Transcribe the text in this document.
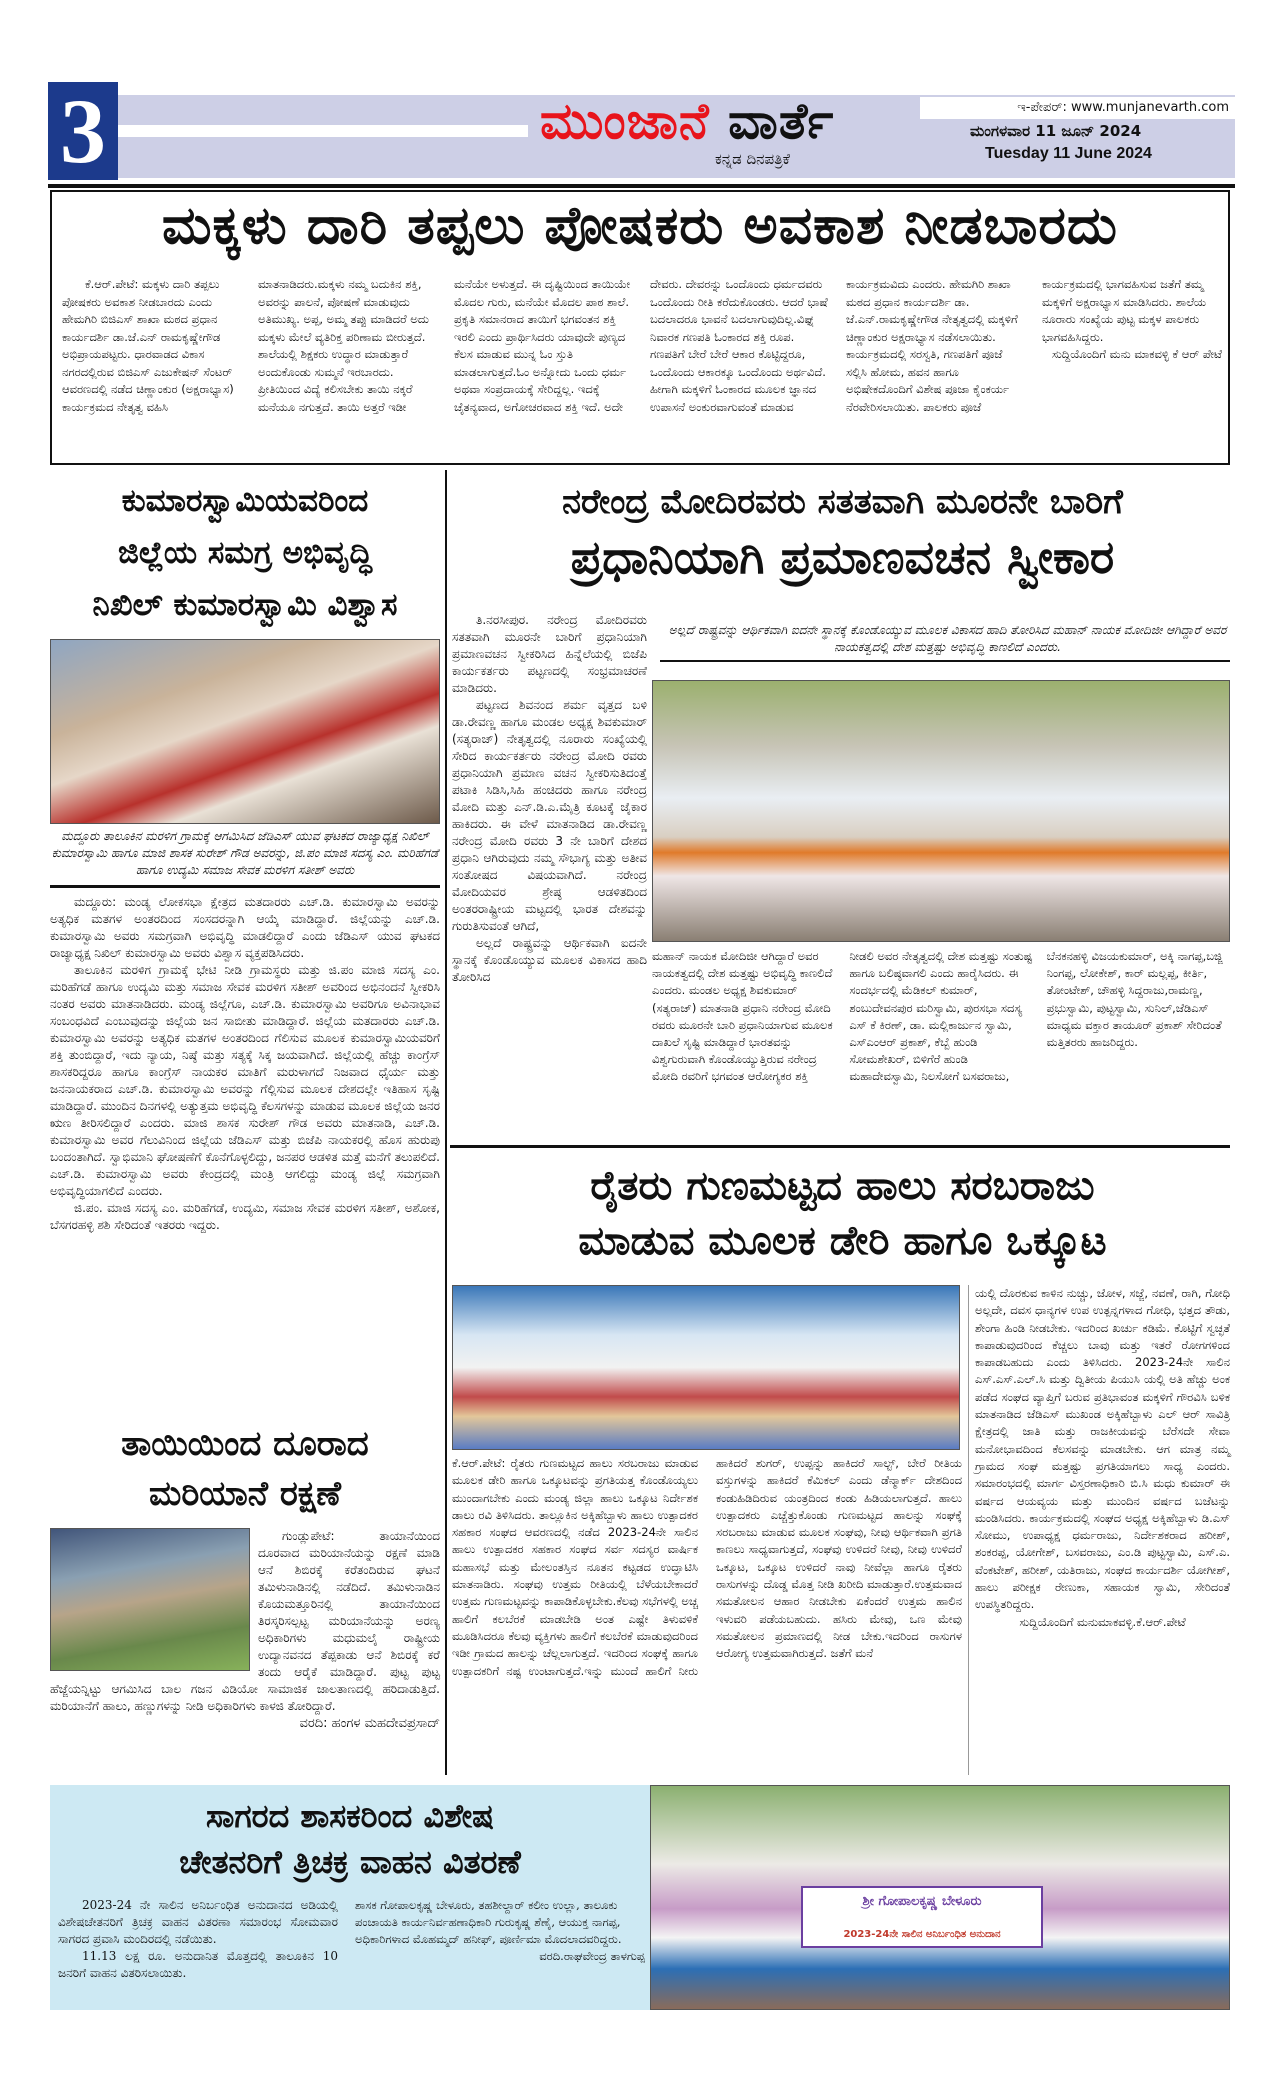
3	ಮುಂಜಾನೆ ವಾರ್ತೆ
ಕನ್ನಡ ದಿನಪತ್ರಿಕೆ
ಇ-ಪೇಪರ್: www.munjanevarth.com
ಮಂಗಳವಾರ 11 ಜೂನ್ 2024
Tuesday 11 June 2024
ಮಕ್ಕಳು ದಾರಿ ತಪ್ಪಲು ಪೋಷಕರು ಅವಕಾಶ ನೀಡಬಾರದು
ಕೆ.ಆರ್.ಪೇಟೆ: ಮಕ್ಕಳು ದಾರಿ ತಪ್ಪಲು ಪೋಷಕರು ಅವಕಾಶ ನೀಡಬಾರದು ಎಂದು ಹೇಮಗಿರಿ ಬಿಜಿಎಸ್ ಶಾಖಾ ಮಠದ ಪ್ರಧಾನ ಕಾರ್ಯದರ್ಶಿ ಡಾ.ಜೆ.ಎನ್ ರಾಮಕೃಷ್ಣೇಗೌಡ ಅಭಿಪ್ರಾಯಪಟ್ಟರು. ಧಾರವಾಡದ ವಿಕಾಸ ನಗರದಲ್ಲಿರುವ ಬಿಜಿಎಸ್ ಎಜುಕೇಷನ್ ಸೆಂಟರ್ ಆವರಣದಲ್ಲಿ ನಡೆದ ಚಿಣ್ಣಾಂಕುರ (ಅಕ್ಷರಾಭ್ಯಾಸ) ಕಾರ್ಯಕ್ರಮದ ನೇತೃತ್ವ ವಹಿಸಿ ಮಾತನಾಡಿದರು.ಮಕ್ಕಳು ನಮ್ಮ ಬದುಕಿನ ಶಕ್ತಿ, ಅವರನ್ನು ಪಾಲನೆ, ಪೋಷಣೆ ಮಾಡುವುದು ಅತಿಮುಖ್ಯ. ಅಪ್ಪ, ಅಮ್ಮ ತಪ್ಪು ಮಾಡಿದರೆ ಅದು ಮಕ್ಕಳು ಮೇಲೆ ವ್ಯತಿರಿಕ್ತ ಪರಿಣಾಮ ಬೀರುತ್ತದೆ. ಶಾಲೆಯಲ್ಲಿ ಶಿಕ್ಷಕರು ಉದ್ಧಾರ ಮಾಡುತ್ತಾರೆ ಅಂದುಕೊಂಡು ಸುಮ್ಮನೆ ಇರಬಾರದು. ಪ್ರೀತಿಯಿಂದ ವಿದ್ಯೆ ಕಲಿಸಬೇಕು ತಾಯಿ ನಕ್ಕರೆ ಮನೆಯೂ ನಗುತ್ತದೆ. ತಾಯಿ ಅತ್ತರೆ ಇಡೀ ಮನೆಯೇ ಅಳುತ್ತದೆ. ಈ ದೃಷ್ಟಿಯಿಂದ ತಾಯಿಯೇ ಮೊದಲ ಗುರು, ಮನೆಯೇ ಮೊದಲ ಪಾಠ ಶಾಲೆ. ಪ್ರಕೃತಿ ಸಮಾನರಾದ ತಾಯಿಗೆ ಭಗವಂತನ ಶಕ್ತಿ ಇರಲಿ ಎಂದು ಪ್ರಾರ್ಥಿಸಿದರು ಯಾವುದೇ ಪುಣ್ಯದ ಕೆಲಸ ಮಾಡುವ ಮುನ್ನ ಓಂ ಸ್ತುತಿ ಮಾಡಲಾಗುತ್ತದೆ.ಓಂ ಅನ್ನೋದು ಒಂದು ಧರ್ಮ ಅಥವಾ ಸಂಪ್ರದಾಯಕ್ಕೆ ಸೇರಿದ್ದಲ್ಲ. ಇದಕ್ಕೆ ಚೈತನ್ಯವಾದ, ಅಗೋಚರವಾದ ಶಕ್ತಿ ಇದೆ. ಅದೇ ದೇವರು. ದೇವರನ್ನು ಒಂದೊಂದು ಧರ್ಮದವರು ಒಂದೊಂದು ರೀತಿ ಕರೆದುಕೊಂಡರು. ಆದರೆ ಭಾಷೆ ಬದಲಾದರೂ ಭಾವನೆ ಬದಲಾಗುವುದಿಲ್ಲ.ವಿಘ್ನ ನಿವಾರಕ ಗಣಪತಿ ಓಂಕಾರದ ಶಕ್ತಿ ರೂಪ. ಗಣಪತಿಗೆ ಬೇರೆ ಬೇರೆ ಆಕಾರ ಕೊಟ್ಟಿದ್ದರೂ, ಒಂದೊಂದು ಆಕಾರಕ್ಕೂ ಒಂದೊಂದು ಅರ್ಥವಿದೆ. ಹೀಗಾಗಿ ಮಕ್ಕಳಿಗೆ ಓಂಕಾರದ ಮೂಲಕ ಜ್ಞಾನದ ಉಪಾಸನೆ ಅಂಕುರವಾಗುವಂತೆ ಮಾಡುವ ಕಾರ್ಯಕ್ರಮವಿದು ಎಂದರು. ಹೇಮಗಿರಿ ಶಾಖಾ ಮಠದ ಪ್ರಧಾನ ಕಾರ್ಯದರ್ಶಿ ಡಾ. ಜೆ.ಎನ್.ರಾಮಕೃಷ್ಣೇಗೌಡ ನೇತೃತ್ವದಲ್ಲಿ ಮಕ್ಕಳಿಗೆ ಚಿಣ್ಣಾಂಕುರ ಅಕ್ಷರಾಭ್ಯಾಸ ನಡೆಸಲಾಯಿತು. ಕಾರ್ಯಕ್ರಮದಲ್ಲಿ ಸರಸ್ವತಿ, ಗಣಪತಿಗೆ ಪೂಜೆ ಸಲ್ಲಿಸಿ ಹೋಮ, ಹವನ ಹಾಗೂ ಅಭಿಷೇಕದೊಂದಿಗೆ ವಿಶೇಷ ಪೂಜಾ ಕೈಂಕರ್ಯ ನೆರವೇರಿಸಲಾಯಿತು. ಪಾಲಕರು ಪೂಜೆ ಕಾರ್ಯಕ್ರಮದಲ್ಲಿ ಭಾಗವಹಿಸುವ ಜತೆಗೆ ತಮ್ಮ ಮಕ್ಕಳಿಗೆ ಅಕ್ಷರಾಭ್ಯಾಸ ಮಾಡಿಸಿದರು. ಶಾಲೆಯ ನೂರಾರು ಸಂಖ್ಯೆಯ ಪುಟ್ಟ ಮಕ್ಕಳ ಪಾಲಕರು ಭಾಗವಹಿಸಿದ್ದರು.
ಸುದ್ದಿಯೊಂದಿಗೆ ಮನು ಮಾಕವಳ್ಳಿ ಕೆ ಆರ್ ಪೇಟೆ
ಕುಮಾರಸ್ವಾಮಿಯವರಿಂದ
ಜಿಲ್ಲೆಯ ಸಮಗ್ರ ಅಭಿವೃದ್ಧಿ
ನಿಖಿಲ್ ಕುಮಾರಸ್ವಾಮಿ ವಿಶ್ವಾಸ
ಮದ್ದೂರು ತಾಲೂಕಿನ ಮರಳಿಗ ಗ್ರಾಮಕ್ಕೆ ಆಗಮಿಸಿದ ಜೆಡಿಎಸ್ ಯುವ ಘಟಕದ ರಾಜ್ಯಾಧ್ಯಕ್ಷ ನಿಖಿಲ್ ಕುಮಾರಸ್ವಾಮಿ ಹಾಗೂ ಮಾಜಿ ಶಾಸಕ ಸುರೇಶ್ ಗೌಡ ಅವರನ್ನು, ಜಿ.ಪಂ ಮಾಜಿ ಸದಸ್ಯ ಎಂ. ಮರಿಹೆಗಡೆ ಹಾಗೂ ಉದ್ಯಮಿ ಸಮಾಜ ಸೇವಕ ಮರಳಿಗ ಸತೀಶ್ ಅವರು
ಮದ್ದೂರು: ಮಂಡ್ಯ ಲೋಕಸಭಾ ಕ್ಷೇತ್ರದ ಮತದಾರರು ಎಚ್.ಡಿ. ಕುಮಾರಸ್ವಾಮಿ ಅವರನ್ನು ಅತ್ಯಧಿಕ ಮತಗಳ ಅಂತರದಿಂದ ಸಂಸದರನ್ನಾಗಿ ಆಯ್ಕೆ ಮಾಡಿದ್ದಾರೆ. ಜಿಲ್ಲೆಯನ್ನು ಎಚ್.ಡಿ. ಕುಮಾರಸ್ವಾಮಿ ಅವರು ಸಮಗ್ರವಾಗಿ ಅಭಿವೃದ್ಧಿ ಮಾಡಲಿದ್ದಾರೆ ಎಂದು ಜೆಡಿಎಸ್ ಯುವ ಘಟಕದ ರಾಜ್ಯಾಧ್ಯಕ್ಷ ನಿಖಿಲ್ ಕುಮಾರಸ್ವಾಮಿ ಅವರು ವಿಶ್ವಾಸ ವ್ಯಕ್ತಪಡಿಸಿದರು.
ತಾಲೂಕಿನ ಮರಳಿಗ ಗ್ರಾಮಕ್ಕೆ ಭೇಟಿ ನೀಡಿ ಗ್ರಾಮಸ್ಥರು ಮತ್ತು ಜಿ.ಪಂ ಮಾಜಿ ಸದಸ್ಯ ಎಂ. ಮರಿಹೆಗಡೆ ಹಾಗೂ ಉದ್ಯಮಿ ಮತ್ತು ಸಮಾಜ ಸೇವಕ ಮರಳಿಗ ಸತೀಶ್ ಅವರಿಂದ ಅಭಿನಂದನೆ ಸ್ವೀಕರಿಸಿ ನಂತರ ಅವರು ಮಾತನಾಡಿದರು. ಮಂಡ್ಯ ಜಿಲ್ಲೆಗೂ, ಎಚ್.ಡಿ. ಕುಮಾರಸ್ವಾಮಿ ಅವರಿಗೂ ಅವಿನಾಭಾವ ಸಂಬಂಧವಿದೆ ಎಂಬುವುದನ್ನು ಜಿಲ್ಲೆಯ ಜನ ಸಾಬೀತು ಮಾಡಿದ್ದಾರೆ. ಜಿಲ್ಲೆಯ ಮತದಾರರು ಎಚ್.ಡಿ. ಕುಮಾರಸ್ವಾಮಿ ಅವರನ್ನು ಅತ್ಯಧಿಕ ಮತಗಳ ಅಂತರದಿಂದ ಗೆಲಿಸುವ ಮೂಲಕ ಕುಮಾರಸ್ವಾಮಿಯವರಿಗೆ ಶಕ್ತಿ ತುಂಬಿದ್ದಾರೆ, ಇದು ನ್ಯಾಯ, ನಿಷ್ಠೆ ಮತ್ತು ಸತ್ಯಕ್ಕೆ ಸಿಕ್ಕ ಜಯವಾಗಿದೆ. ಜಿಲ್ಲೆಯಲ್ಲಿ ಹೆಚ್ಚು ಕಾಂಗ್ರೆಸ್ ಶಾಸಕರಿದ್ದರೂ ಹಾಗೂ ಕಾಂಗ್ರೆಸ್ ನಾಯಕರ ಮಾತಿಗೆ ಮರುಳಾಗದೆ ನಿಜವಾದ ಧೈರ್ಯ ಮತ್ತು ಜನನಾಯಕರಾದ ಎಚ್.ಡಿ. ಕುಮಾರಸ್ವಾಮಿ ಅವರನ್ನು ಗೆಲ್ಲಿಸುವ ಮೂಲಕ ದೇಶದಲ್ಲೇ ಇತಿಹಾಸ ಸೃಷ್ಟಿ ಮಾಡಿದ್ದಾರೆ. ಮುಂದಿನ ದಿನಗಳಲ್ಲಿ ಅತ್ಯುತ್ತಮ ಅಭಿವೃದ್ಧಿ ಕೆಲಸಗಳನ್ನು ಮಾಡುವ ಮೂಲಕ ಜಿಲ್ಲೆಯ ಜನರ ಋಣ ತೀರಿಸಲಿದ್ದಾರೆ ಎಂದರು. ಮಾಜಿ ಶಾಸಕ ಸುರೇಶ್ ಗೌಡ ಅವರು ಮಾತನಾಡಿ, ಎಚ್.ಡಿ. ಕುಮಾರಸ್ವಾಮಿ ಅವರ ಗೆಲುವಿನಿಂದ ಜಿಲ್ಲೆಯ ಜೆಡಿಎಸ್ ಮತ್ತು ಬಿಜೆಪಿ ನಾಯಕರಲ್ಲಿ ಹೊಸ ಹುರುಪು ಬಂದಂತಾಗಿದೆ. ಸ್ವಾಭಿಮಾನಿ ಘೋಷಣೆಗೆ ಕೊನೆಗೊಳ್ಳಲಿದ್ದು, ಜನಪರ ಆಡಳಿತ ಮತ್ತೆ ಮನೆಗೆ ತಲುಪಲಿದೆ. ಎಚ್.ಡಿ. ಕುಮಾರಸ್ವಾಮಿ ಅವರು ಕೇಂದ್ರದಲ್ಲಿ ಮಂತ್ರಿ ಆಗಲಿದ್ದು ಮಂಡ್ಯ ಜಿಲ್ಲೆ ಸಮಗ್ರವಾಗಿ ಅಭಿವೃದ್ಧಿಯಾಗಲಿದೆ ಎಂದರು.
ಜಿ.ಪಂ. ಮಾಜಿ ಸದಸ್ಯ ಎಂ. ಮರಿಹೆಗಡೆ, ಉದ್ಯಮಿ, ಸಮಾಜ ಸೇವಕ ಮರಳಿಗ ಸತೀಶ್, ಅಶೋಕ, ಬೆಸಗರಹಳ್ಳಿ ಶಶಿ ಸೇರಿದಂತೆ ಇತರರು ಇದ್ದರು.
ನರೇಂದ್ರ ಮೋದಿರವರು ಸತತವಾಗಿ ಮೂರನೇ ಬಾರಿಗೆ
ಪ್ರಧಾನಿಯಾಗಿ ಪ್ರಮಾಣವಚನ ಸ್ವೀಕಾರ
ತಿ.ನರಸೀಪುರ. ನರೇಂದ್ರ ಮೋದಿರವರು ಸತತವಾಗಿ ಮೂರನೇ ಬಾರಿಗೆ ಪ್ರಧಾನಿಯಾಗಿ ಪ್ರಮಾಣವಚನ ಸ್ವೀಕರಿಸಿದ ಹಿನ್ನೆಲೆಯಲ್ಲಿ ಬಿಜೆಪಿ ಕಾರ್ಯಕರ್ತರು ಪಟ್ಟಣದಲ್ಲಿ ಸಂಭ್ರಮಾಚರಣೆ ಮಾಡಿದರು.
ಪಟ್ಟಣದ ಶಿವನಂದ ಶರ್ಮ ವೃತ್ತದ ಬಳಿ ಡಾ.ರೇವಣ್ಣ ಹಾಗೂ ಮಂಡಲ ಅಧ್ಯಕ್ಷ ಶಿವಕುಮಾರ್ (ಸತ್ಯರಾಜ್) ನೇತೃತ್ವದಲ್ಲಿ ನೂರಾರು ಸಂಖ್ಯೆಯಲ್ಲಿ ಸೇರಿದ ಕಾರ್ಯಕರ್ತರು ನರೇಂದ್ರ ಮೋದಿ ರವರು ಪ್ರಧಾನಿಯಾಗಿ ಪ್ರಮಾಣ ವಚನ ಸ್ವೀಕರಿಸುತಿದಂತ್ತೆ ಪಟಾಕಿ ಸಿಡಿಸಿ,ಸಿಹಿ ಹಂಚಿದರು ಹಾಗೂ ನರೇಂದ್ರ ಮೋದಿ ಮತ್ತು ಎನ್.ಡಿ.ಎ.ಮೈತ್ರಿ ಕೂಟಕ್ಕೆ ಜೈಕಾರ ಹಾಕಿದರು. ಈ ವೇಳೆ ಮಾತನಾಡಿದ ಡಾ.ರೇವಣ್ಣ ನರೇಂದ್ರ ಮೋದಿ ರವರು 3 ನೇ ಬಾರಿಗೆ ದೇಶದ ಪ್ರಧಾನಿ ಆಗಿರುವುದು ನಮ್ಮ ಸೌಭಾಗ್ಯ ಮತ್ತು ಅತೀವ ಸಂತೋಷದ ವಿಷಯವಾಗಿದೆ. ನರೇಂದ್ರ ಮೋದಿಯವರ ಶ್ರೇಷ್ಠ ಆಡಳಿತದಿಂದ ಅಂತರರಾಷ್ಟ್ರೀಯ ಮಟ್ಟದಲ್ಲಿ ಭಾರತ ದೇಶವನ್ನು ಗುರುತಿಸುವಂತೆ ಆಗಿದೆ,
ಅಲ್ಲದೆ ರಾಷ್ಟ್ರವನ್ನು ಆರ್ಥಿಕವಾಗಿ ಐದನೇ ಸ್ಥಾನಕ್ಕೆ ಕೊಂಡೊಯ್ಯುವ ಮೂಲಕ ವಿಕಾಸದ ಹಾದಿ ತೋರಿಸಿದ
ಅಲ್ಲದೆ ರಾಷ್ಟ್ರವನ್ನು ಆರ್ಥಿಕವಾಗಿ ಐದನೇ ಸ್ಥಾನಕ್ಕೆ ಕೊಂಡೊಯ್ಯುವ ಮೂಲಕ ವಿಕಾಸದ ಹಾದಿ ತೋರಿಸಿದ ಮಹಾನ್ ನಾಯಕ ಮೋದಿಜೀ ಆಗಿದ್ದಾರೆ ಅವರ ನಾಯಕತ್ವದಲ್ಲಿ ದೇಶ ಮತ್ತಷ್ಟು ಅಭಿವೃದ್ಧಿ ಕಾಣಲಿದೆ ಎಂದರು.
ಮಹಾನ್ ನಾಯಕ ಮೋದಿಜೀ ಆಗಿದ್ದಾರೆ ಅವರ ನಾಯಕತ್ವದಲ್ಲಿ ದೇಶ ಮತ್ತಷ್ಟು ಅಭಿವೃದ್ಧಿ ಕಾಣಲಿದೆ ಎಂದರು. ಮಂಡಲ ಅಧ್ಯಕ್ಷ ಶಿವಕುಮಾರ್ (ಸತ್ಯರಾಜ್) ಮಾತನಾಡಿ ಪ್ರಧಾನಿ ನರೇಂದ್ರ ಮೋದಿ ರವರು ಮೂರನೇ ಬಾರಿ ಪ್ರಧಾನಿಯಾಗುವ ಮೂಲಕ ದಾಖಲೆ ಸೃಷ್ಟಿ ಮಾಡಿದ್ದಾರೆ ಭಾರತವನ್ನು ವಿಶ್ವಗುರುವಾಗಿ ಕೊಂಡೊಯ್ಯುತ್ತಿರುವ ನರೇಂದ್ರ ಮೋದಿ ರವರಿಗೆ ಭಗವಂತ ಆರೋಗ್ಯಕರ ಶಕ್ತಿ ನೀಡಲಿ ಅವರ ನೇತೃತ್ವದಲ್ಲಿ ದೇಶ ಮತ್ತಷ್ಟು ಸಂತುಷ್ಟ ಹಾಗೂ ಬಲಿಷ್ಠವಾಗಲಿ ಎಂದು ಹಾರೈಸಿದರು. ಈ ಸಂದರ್ಭದಲ್ಲಿ ಮೆಡಿಕಲ್ ಕುಮಾರ್, ಶಂಬುದೇವನಪುರ ಮರಿಸ್ವಾಮಿ, ಪುರಸಭಾ ಸದಸ್ಯ ಎಸ್ ಕೆ ಕಿರಣ್, ಡಾ. ಮಲ್ಲಿಕಾರ್ಜುನ ಸ್ವಾಮಿ, ಎಸ್‌ಎಂಆರ್ ಪ್ರಕಾಶ್, ಕೆಬ್ಬೆ ಹುಂಡಿ ಸೋಮಶೇಖರ್, ಬಿಳಿಗೆರೆ ಹುಂಡಿ ಮಹಾದೇವಸ್ವಾಮಿ, ನಿಲಸೋಗೆ ಬಸವರಾಜು, ಬೆನಕನಹಳ್ಳಿ ವಿಜಯಕುಮಾರ್, ಅಕ್ಕಿ ನಾಗಪ್ಪ,ಬಜ್ಜಿ ನಿಂಗಪ್ಪ, ಲೋಕೇಶ್, ಕಾರ್ ಮಲ್ಲಪ್ಪ, ಕೀರ್ತಿ, ತೋಂಟೇಶ್, ಚೌಹಳ್ಳಿ ಸಿದ್ದರಾಜು,ರಾಮಣ್ಣ, ಪ್ರಭುಸ್ವಾಮಿ, ಪುಟ್ಟಸ್ವಾಮಿ, ಸುನಿಲ್,ಜೆಡಿಎಸ್ ಮಾಧ್ಯಮ ವಕ್ತಾರ ತಾಯೂರ್ ಪ್ರಕಾಶ್ ಸೇರಿದಂತೆ ಮತ್ತಿತರರು ಹಾಜರಿದ್ದರು.
ರೈತರು ಗುಣಮಟ್ಟದ ಹಾಲು ಸರಬರಾಜು
ಮಾಡುವ ಮೂಲಕ ಡೇರಿ ಹಾಗೂ ಒಕ್ಕೂಟ
ಕೆ.ಆರ್.ಪೇಟೆ: ರೈತರು ಗುಣಮಟ್ಟದ ಹಾಲು ಸರಬರಾಜು ಮಾಡುವ ಮೂಲಕ ಡೇರಿ ಹಾಗೂ ಒಕ್ಕೂಟವನ್ನು ಪ್ರಗತಿಯತ್ತ ಕೊಂಡೊಯ್ಯಲು ಮುಂದಾಗಬೇಕು ಎಂದು ಮಂಡ್ಯ ಜಿಲ್ಲಾ ಹಾಲು ಒಕ್ಕೂಟ ನಿರ್ದೇಶಕ ಡಾಲು ರವಿ ತಿಳಿಸಿದರು. ತಾಲ್ಲೂಕಿನ ಅಕ್ಕಿಹೆಬ್ಬಾಳು ಹಾಲು ಉತ್ಪಾದಕರ ಸಹಕಾರ ಸಂಘದ ಆವರಣದಲ್ಲಿ ನಡೆದ 2023-24ನೇ ಸಾಲಿನ ಹಾಲು ಉತ್ಪಾದಕರ ಸಹಕಾರ ಸಂಘದ ಸರ್ವ ಸದಸ್ಯರ ವಾರ್ಷಿಕ ಮಹಾಸಭೆ ಮತ್ತು ಮೇಲಂತಸ್ತಿನ ನೂತನ ಕಟ್ಟಡದ ಉದ್ಘಾಟಿಸಿ ಮಾತನಾಡಿರು. ಸಂಘವು ಉತ್ತಮ ರೀತಿಯಲ್ಲಿ ಬೆಳೆಯಬೇಕಾದರೆ ಉತ್ತಮ ಗುಣಮಟ್ಟವನ್ನು ಕಾಪಾಡಿಕೊಳ್ಳಬೇಕು.ಕೆಲವು ಸಭೆಗಳಲ್ಲಿ ಅಚ್ಚ ಹಾಲಿಗೆ ಕಲಬೆರಕೆ ಮಾಡಬೇಡಿ ಅಂತ ಎಷ್ಟೇ ತಿಳುವಳಿಕೆ ಮೂಡಿಸಿದರೂ ಕೆಲವು ವ್ಯಕ್ತಿಗಳು ಹಾಲಿಗೆ ಕಲಬೆರಕೆ ಮಾಡುವುದರಿಂದ ಇಡೀ ಗ್ರಾಮದ ಹಾಲನ್ನು ಚೆಲ್ಲಲಾಗುತ್ತದೆ. ಇದರಿಂದ ಸಂಘಕ್ಕೆ ಹಾಗೂ ಉತ್ಪಾದಕರಿಗೆ ನಷ್ಟ ಉಂಟಾಗುತ್ತದೆ.ಇನ್ನು ಮುಂದೆ ಹಾಲಿಗೆ ನೀರು ಹಾಕಿದರೆ ಶುಗರ್, ಉಪ್ಪನ್ನು ಹಾಕಿದರೆ ಸಾಲ್ಟ್, ಬೇರೆ ರೀತಿಯ ವಸ್ತುಗಳನ್ನು ಹಾಕಿದರೆ ಕೆಮಿಕಲ್ ಎಂದು ಡೆನ್ಮಾರ್ಕ್ ದೇಶದಿಂದ ಕಂಡುಹಿಡಿದಿರುವ ಯಂತ್ರದಿಂದ ಕಂಡು ಹಿಡಿಯಲಾಗುತ್ತದೆ. ಹಾಲು ಉತ್ಪಾದಕರು ಎಚ್ಚೆತ್ತುಕೊಂಡು ಗುಣಮಟ್ಟದ ಹಾಲನ್ನು ಸಂಘಕ್ಕೆ ಸರಬರಾಜು ಮಾಡುವ ಮೂಲಕ ಸಂಘವು, ನೀವು ಆರ್ಥಿಕವಾಗಿ ಪ್ರಗತಿ ಕಾಣಲು ಸಾಧ್ಯವಾಗುತ್ತದೆ, ಸಂಘವು ಉಳಿದರೆ ನೀವು, ನೀವು ಉಳಿದರೆ ಒಕ್ಕೂಟ, ಒಕ್ಕೂಟ ಉಳಿದರೆ ನಾವು ನೀವೆಲ್ಲಾ ಹಾಗೂ ರೈತರು ರಾಸುಗಳನ್ನು ದೊಡ್ಡ ಮೊತ್ತ ನೀಡಿ ಖರೀದಿ ಮಾಡುತ್ತಾರೆ.ಉತ್ತಮವಾದ ಸಮತೋಲನ ಆಹಾರ ನೀಡಬೇಕು ಏಕೆಂದರೆ ಉತ್ತಮ ಹಾಲಿನ ಇಳುವರಿ ಪಡೆಯಬಹುದು. ಹಸಿರು ಮೇವು, ಒಣ ಮೇವು ಸಮತೋಲನ ಪ್ರಮಾಣದಲ್ಲಿ ನೀಡ ಬೇಕು.ಇದರಿಂದ ರಾಸುಗಳ ಆರೋಗ್ಯ ಉತ್ತಮವಾಗಿರುತ್ತದೆ. ಜತೆಗೆ ಮನೆ
ಯಲ್ಲಿ ದೊರಕುವ ಕಾಳಿನ ನುಚ್ಚು, ಜೋಳ, ಸಜ್ಜೆ, ನವಣೆ, ರಾಗಿ, ಗೋಧಿ ಅಲ್ಲದೇ, ದವಸ ಧಾನ್ಯಗಳ ಉಪ ಉತ್ಪನ್ನಗಳಾದ ಗೋಧಿ, ಭತ್ತದ ತೌಡು, ಶೇಂಗಾ ಹಿಂಡಿ ನೀಡಬೇಕು. ಇದರಿಂದ ಖರ್ಚು ಕಡಿಮೆ. ಕೊಟ್ಟಿಗೆ ಸ್ವಚ್ಛತೆ ಕಾಪಾಡುವುದರಿಂದ ಕೆಚ್ಚಲು ಬಾವು ಮತ್ತು ಇತರೆ ರೋಗಗಳಿಂದ ಕಾಪಾಡಬಹುದು ಎಂದು ತಿಳಿಸಿದರು. 2023-24ನೇ ಸಾಲಿನ ಎಸ್.ಎಸ್.ಎಲ್.ಸಿ ಮತ್ತು ದ್ವಿತೀಯ ಪಿಯುಸಿ ಯಲ್ಲಿ ಅತಿ ಹೆಚ್ಚು ಅಂಕ ಪಡೆದ ಸಂಘದ ವ್ಯಾಪ್ತಿಗೆ ಬರುವ ಪ್ರತಿಭಾವಂತ ಮಕ್ಕಳಿಗೆ ಗೌರವಿಸಿ ಬಳಿಕ ಮಾತನಾಡಿದ ಜೆಡಿಎಸ್ ಮುಖಂಡ ಅಕ್ಕಿಹೆಬ್ಬಾಳು ಎಲ್ ಆರ್ ಸಾವಿತ್ರಿ ಕ್ಷೇತ್ರದಲ್ಲಿ ಜಾತಿ ಮತ್ತು ರಾಜಕೀಯವನ್ನು ಬೆರೆಸದೇ ಸೇವಾ ಮನೋಭಾವದಿಂದ ಕೆಲಸವನ್ನು ಮಾಡಬೇಕು. ಆಗ ಮಾತ್ರ ನಮ್ಮ ಗ್ರಾಮದ ಸಂಘ ಮತ್ತಷ್ಟು ಪ್ರಗತಿಯಾಗಲು ಸಾಧ್ಯ ಎಂದರು. ಸಮಾರಂಭದಲ್ಲಿ ಮಾರ್ಗ ವಿಸ್ತರಣಾಧಿಕಾರಿ ಬಿ.ಸಿ ಮಧು ಕುಮಾರ್ ಈ ವರ್ಷದ ಆಯವ್ಯಯ ಮತ್ತು ಮುಂದಿನ ವರ್ಷದ ಬಜೆಟನ್ನು ಮಂಡಿಸಿದರು. ಕಾರ್ಯಕ್ರಮದಲ್ಲಿ ಸಂಘದ ಅಧ್ಯಕ್ಷ ಅಕ್ಕಿಹೆಬ್ಬಾಳು ಡಿ.ಎಸ್ ಸೋಮು, ಉಪಾಧ್ಯಕ್ಷ ಧರ್ಮರಾಜು, ನಿರ್ದೇಶಕರಾದ ಹರೀಶ್, ಶಂಕರಪ್ಪ, ಯೋಗೇಶ್, ಬಸವರಾಜು, ಎಂ.ಡಿ ಪುಟ್ಟಸ್ವಾಮಿ, ಎಸ್.ಎ. ವೆಂಕಟೇಶ್, ಹರೀಶ್, ಯತಿರಾಜು, ಸಂಘದ ಕಾರ್ಯದರ್ಶಿ ಯೋಗೀಶ್, ಹಾಲು ಪರೀಕ್ಷಕ ರೇಣುಕಾ, ಸಹಾಯಕ ಸ್ವಾಮಿ, ಸೇರಿದಂತೆ ಉಪಸ್ಥಿತರಿದ್ದರು.
ಸುದ್ದಿಯೊಂದಿಗೆ ಮನುಮಾಕವಳ್ಳಿ.ಕೆ.ಆರ್.ಪೇಟೆ
ತಾಯಿಯಿಂದ ದೂರಾದ
ಮರಿಯಾನೆ ರಕ್ಷಣೆ
ಗುಂಡ್ಲುಪೇಟೆ: ತಾಯಾನೆಯಿಂದ ದೂರವಾದ ಮರಿಯಾನೆಯನ್ನು ರಕ್ಷಣೆ ಮಾಡಿ ಆನೆ ಶಿಬಿರಕ್ಕೆ ಕರೆತಂದಿರುವ ಘಟನೆ ತಮಿಳುನಾಡಿನಲ್ಲಿ ನಡೆದಿದೆ. ತಮಿಳುನಾಡಿನ ಕೊಯಮತ್ತೂರಿನಲ್ಲಿ ತಾಯಾನೆಯಿಂದ ತಿರಸ್ಕರಿಸಲ್ಪಟ್ಟ ಮರಿಯಾನೆಯನ್ನು ಅರಣ್ಯ ಅಧಿಕಾರಿಗಳು ಮಧುಮಲೈ ರಾಷ್ಟ್ರೀಯ ಉದ್ಯಾನವನದ ತೆಪ್ಪಕಾಡು ಆನೆ ಶಿಬಿರಕ್ಕೆ ಕರೆ ತಂದು ಆರೈಕೆ ಮಾಡಿದ್ದಾರೆ. ಪುಟ್ಟ ಪುಟ್ಟ ಹೆಜ್ಜೆಯನ್ನಿಟ್ಟು ಆಗಮಿಸಿದ ಬಾಲ ಗಜನ ವಿಡಿಯೋ ಸಾಮಾಜಿಕ ಜಾಲತಾಣದಲ್ಲಿ ಹರಿದಾಡುತ್ತಿದೆ. ಮರಿಯಾನೆಗೆ ಹಾಲು, ಹಣ್ಣುಗಳನ್ನು ನೀಡಿ ಅಧಿಕಾರಿಗಳು ಕಾಳಜಿ ತೋರಿದ್ದಾರೆ.
ವರದಿ: ಹಂಗಳ ಮಹದೇವಪ್ರಸಾದ್
ಸಾಗರದ ಶಾಸಕರಿಂದ ವಿಶೇಷ
ಚೇತನರಿಗೆ ತ್ರಿಚಕ್ರ ವಾಹನ ವಿತರಣೆ
2023-24 ನೇ ಸಾಲಿನ ಅನಿರ್ಬಂಧಿತ ಅನುದಾನದ ಅಡಿಯಲ್ಲಿ ವಿಶೇಷಚೇತನರಿಗೆ ತ್ರಿಚಕ್ರ ವಾಹನ ವಿತರಣಾ ಸಮಾರಂಭ ಸೋಮವಾರ ಸಾಗರದ ಪ್ರವಾಸಿ ಮಂದಿರದಲ್ಲಿ ನಡೆಯಿತು.
11.13 ಲಕ್ಷ ರೂ. ಅನುದಾನಿತ ಮೊತ್ತದಲ್ಲಿ ತಾಲೂಕಿನ 10 ಜನರಿಗೆ ವಾಹನ ವಿತರಿಸಲಾಯಿತು.
ಶಾಸಕ ಗೋಪಾಲಕೃಷ್ಣ ಬೇಳೂರು, ತಹಶೀಲ್ದಾರ್ ಕಲೀಂ ಉಲ್ಲಾ, ತಾಲೂಕು ಪಂಚಾಯತಿ ಕಾರ್ಯನಿರ್ವಹಣಾಧಿಕಾರಿ ಗುರುಕೃಷ್ಣ ಶೆಣೈ, ಆಯುಕ್ತ ನಾಗಪ್ಪ, ಅಧಿಕಾರಿಗಳಾದ ಮೊಹಮ್ಮದ್ ಹನೀಫ್, ಪೂರ್ಣಿಮಾ ಮೊದಲಾದವರಿದ್ದರು.
ವರದಿ.ರಾಘವೇಂದ್ರ ತಾಳಗುಪ್ಪ
ಶ್ರೀ ಗೋಪಾಲಕೃಷ್ಣ ಬೇಳೂರು
2023-24ನೇ ಸಾಲಿನ ಅನಿರ್ಬಂಧಿತ ಅನುದಾನ
